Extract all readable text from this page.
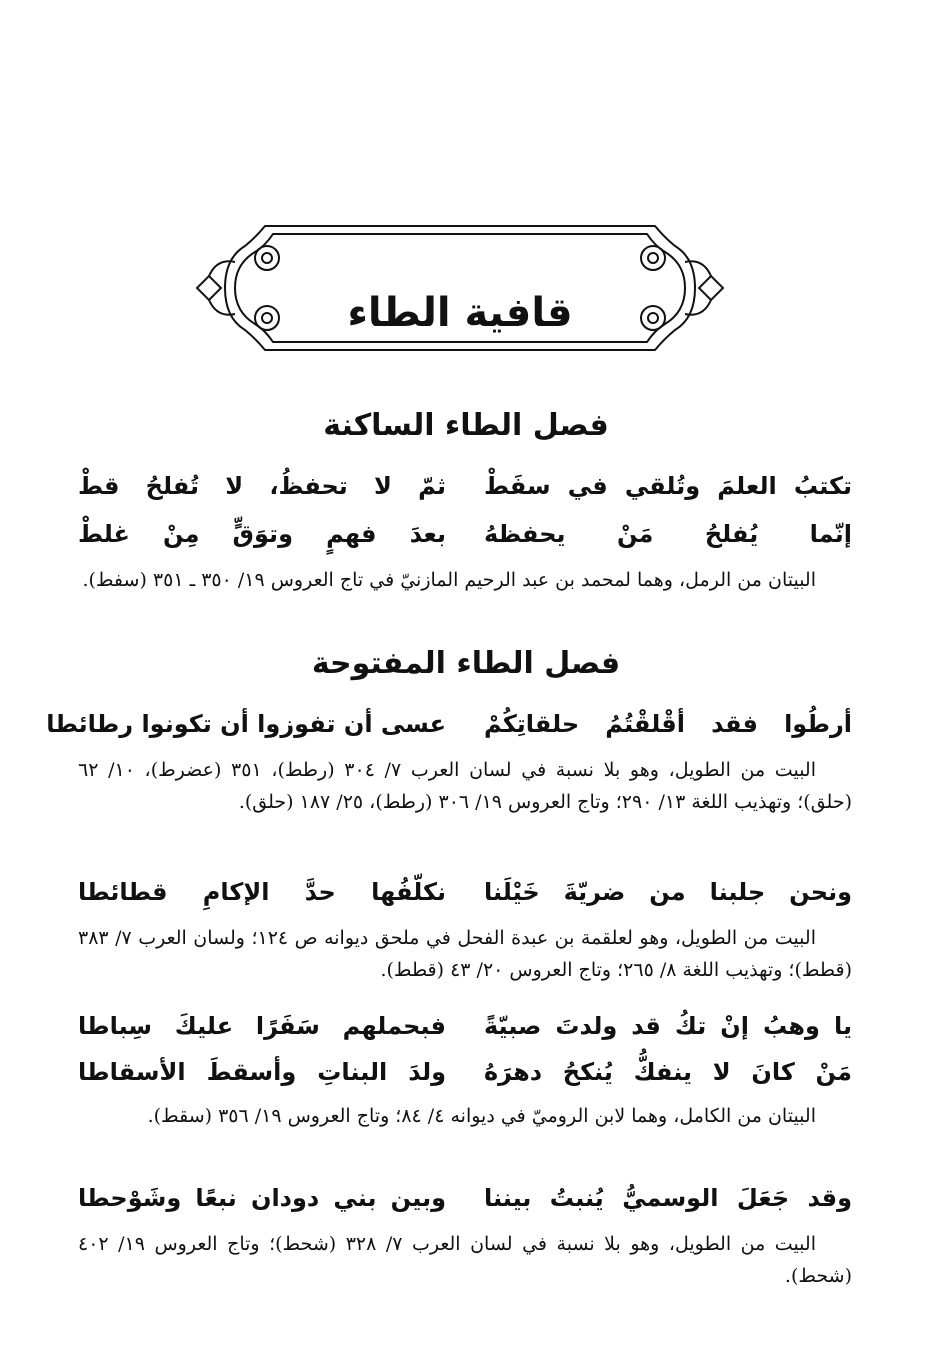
قافية الطاء
فصل الطاء الساكنة
تكتبُ العلمَ وتُلقي في سفَطْ
ثمّ لا تحفظُ، لا تُفلحُ قطْ
إنّما يُفلحُ مَنْ يحفظهُ
بعدَ فهمٍ وتوَقٍّ مِنْ غلطْ
البيتان من الرمل، وهما لمحمد بن عبد الرحيم المازنيّ في تاج العروس ١٩/ ٣٥٠ ـ ٣٥١ (سفط).
فصل الطاء المفتوحة
أرطُوا فقد أقْلقْتُمُ حلقاتِكُمْ
عسى أن تفوزوا أن تكونوا رطائطا
البيت من الطويل، وهو بلا نسبة في لسان العرب ٧/ ٣٠٤ (رطط)، ٣٥١ (عضرط)، ١٠/ ٦٢ (حلق)؛ وتهذيب اللغة ١٣/ ٢٩٠؛ وتاج العروس ١٩/ ٣٠٦ (رطط)، ٢٥/ ١٨٧ (حلق).
ونحن جلبنا من ضريّةَ خَيْلَنا
نكلّفُها حدَّ الإكامِ قطائطا
البيت من الطويل، وهو لعلقمة بن عبدة الفحل في ملحق ديوانه ص ١٢٤؛ ولسان العرب ٧/ ٣٨٣ (قطط)؛ وتهذيب اللغة ٨/ ٢٦٥؛ وتاج العروس ٢٠/ ٤٣ (قطط).
يا وهبُ إنْ تكُ قد ولدتَ صبيّةً
فبحملهم سَفَرًا عليكَ سِباطا
مَنْ كانَ لا ينفكُّ يُنكحُ دهرَهُ
ولدَ البناتِ وأسقطَ الأسقاطا
البيتان من الكامل، وهما لابن الروميّ في ديوانه ٤/ ٨٤؛ وتاج العروس ١٩/ ٣٥٦ (سقط).
وقد جَعَلَ الوسميُّ يُنبتُ بيننا
وبين بني دودان نبعًا وشَوْحطا
البيت من الطويل، وهو بلا نسبة في لسان العرب ٧/ ٣٢٨ (شحط)؛ وتاج العروس ١٩/ ٤٠٢ (شحط).
